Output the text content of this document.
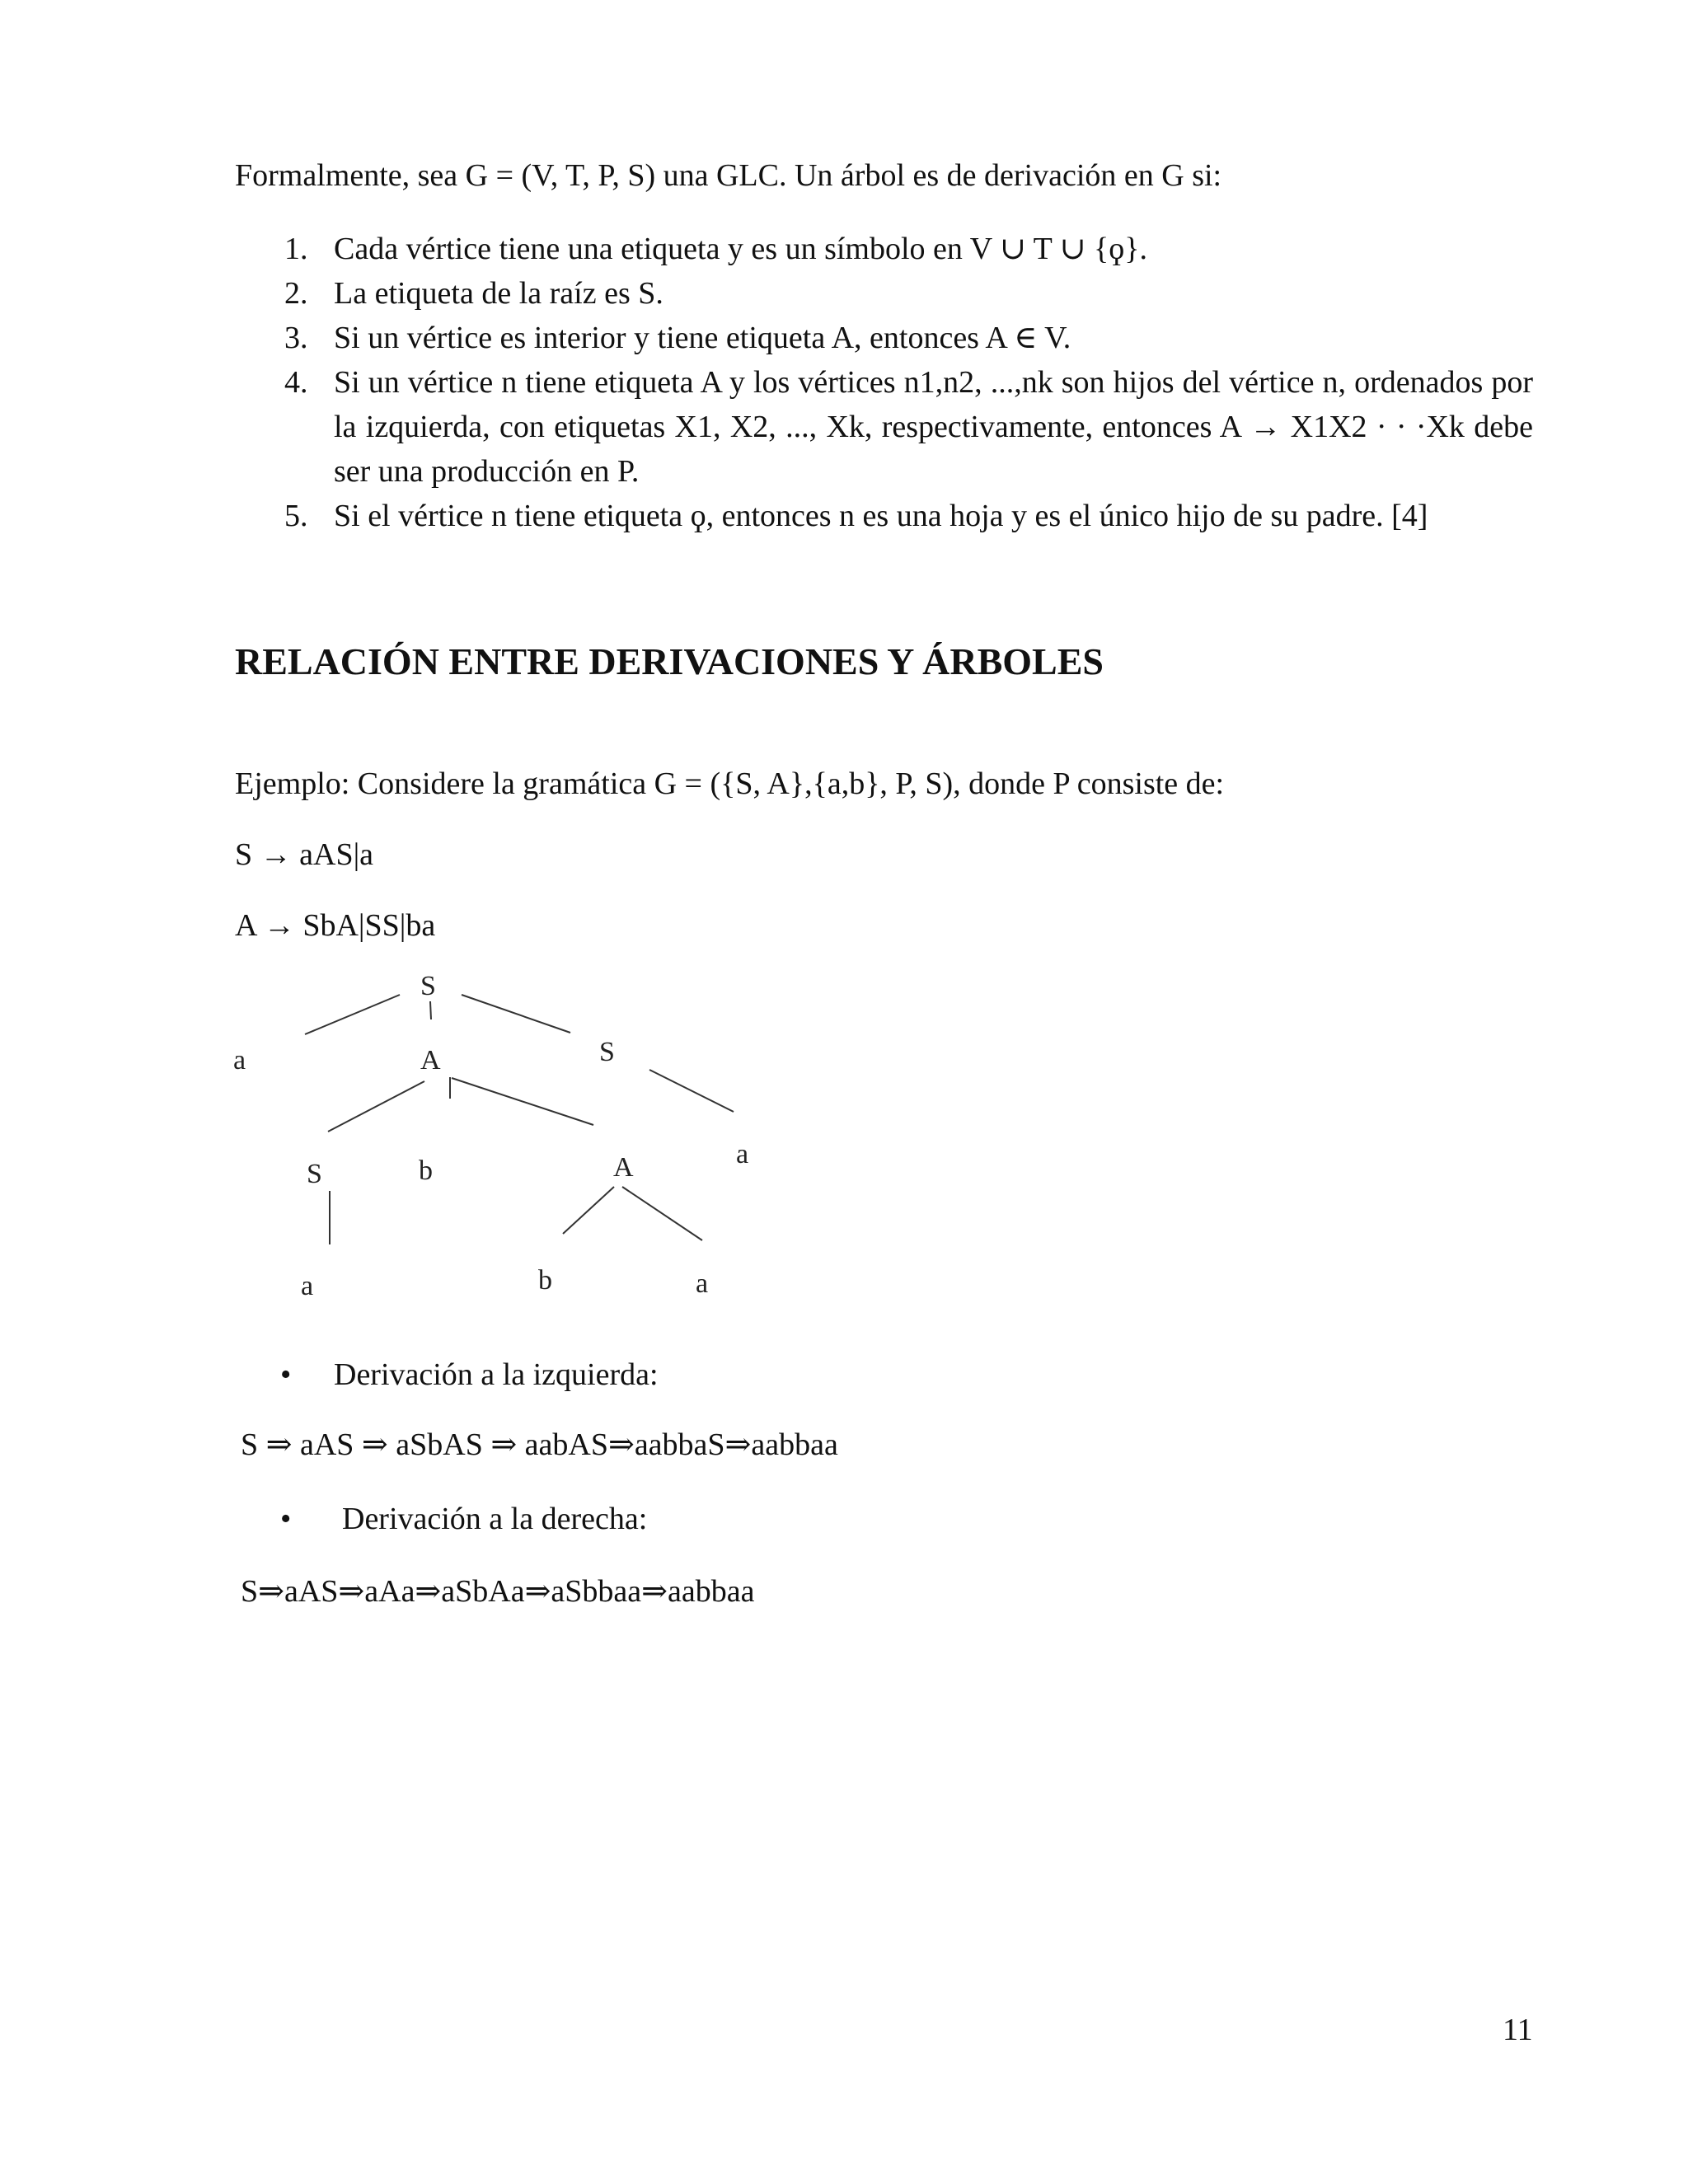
Formalmente, sea G = (V, T, P, S) una GLC. Un árbol es de derivación en G si:
1. Cada vértice tiene una etiqueta y es un símbolo en V ∪ T ∪ {ϙ}.
2. La etiqueta de la raíz es S.
3. Si un vértice es interior y tiene etiqueta A, entonces A ∈ V.
4. Si un vértice n tiene etiqueta A y los vértices n1,n2, ...,nk son hijos del vértice n, ordenados por la izquierda, con etiquetas X1, X2, ..., Xk, respectivamente, entonces A → X1X2 · · ·Xk debe ser una producción en P.
5. Si el vértice n tiene etiqueta ϙ, entonces n es una hoja y es el único hijo de su padre. [4]
RELACIÓN ENTRE DERIVACIONES Y ÁRBOLES
Ejemplo: Considere la gramática G = ({S, A},{a,b}, P, S), donde P consiste de:
S → aAS|a
A → SbA|SS|ba
S
a	A	S
S	b	A	a
a	b	a
• Derivación a la izquierda:
S ⇒ aAS ⇒ aSbAS ⇒ aabAS⇒aabbaS⇒aabbaa
• Derivación a la derecha:
S⇒aAS⇒aAa⇒aSbAa⇒aSbbaa⇒aabbaa
11
